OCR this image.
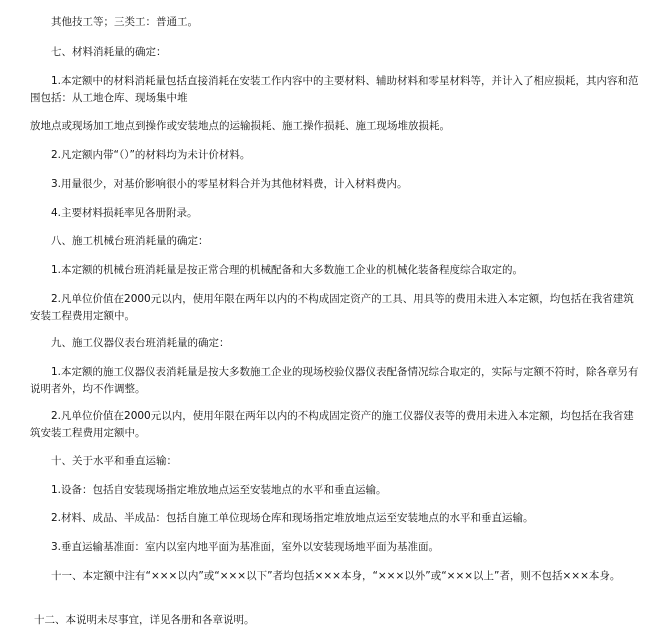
其他技工等；三类工：普通工。

七、材料消耗量的确定：

1.本定额中的材料消耗量包括直接消耗在安装工作内容中的主要材料、辅助材料和零星材料等，并计入了相应损耗，其内容和范围包括：从工地仓库、现场集中堆

放地点或现场加工地点到操作或安装地点的运输损耗、施工操作损耗、施工现场堆放损耗。

2.凡定额内带“（）”的材料均为未计价材料。

3.用量很少，对基价影响很小的零星材料合并为其他材料费，计入材料费内。

4.主要材料损耗率见各册附录。

八、施工机械台班消耗量的确定：

1.本定额的机械台班消耗量是按正常合理的机械配备和大多数施工企业的机械化装备程度综合取定的。

2.凡单位价值在2000元以内，使用年限在两年以内的不构成固定资产的工具、用具等的费用未进入本定额，均包括在我省建筑安装工程费用定额中。

九、施工仪器仪表台班消耗量的确定：

1.本定额的施工仪器仪表消耗量是按大多数施工企业的现场校验仪器仪表配备情况综合取定的，实际与定额不符时，除各章另有说明者外，均不作调整。

2.凡单位价值在2000元以内，使用年限在两年以内的不构成固定资产的施工仪器仪表等的费用未进入本定额，均包括在我省建筑安装工程费用定额中。

十、关于水平和垂直运输：

1.设备：包括自安装现场指定堆放地点运至安装地点的水平和垂直运输。

2.材料、成品、半成品：包括自施工单位现场仓库和现场指定堆放地点运至安装地点的水平和垂直运输。

3.垂直运输基准面：室内以室内地平面为基准面，室外以安装现场地平面为基准面。

十一、本定额中注有“×××以内”或“×××以下”者均包括×××本身，“×××以外”或“×××以上”者，则不包括×××本身。

十二、本说明未尽事宜，详见各册和各章说明。
